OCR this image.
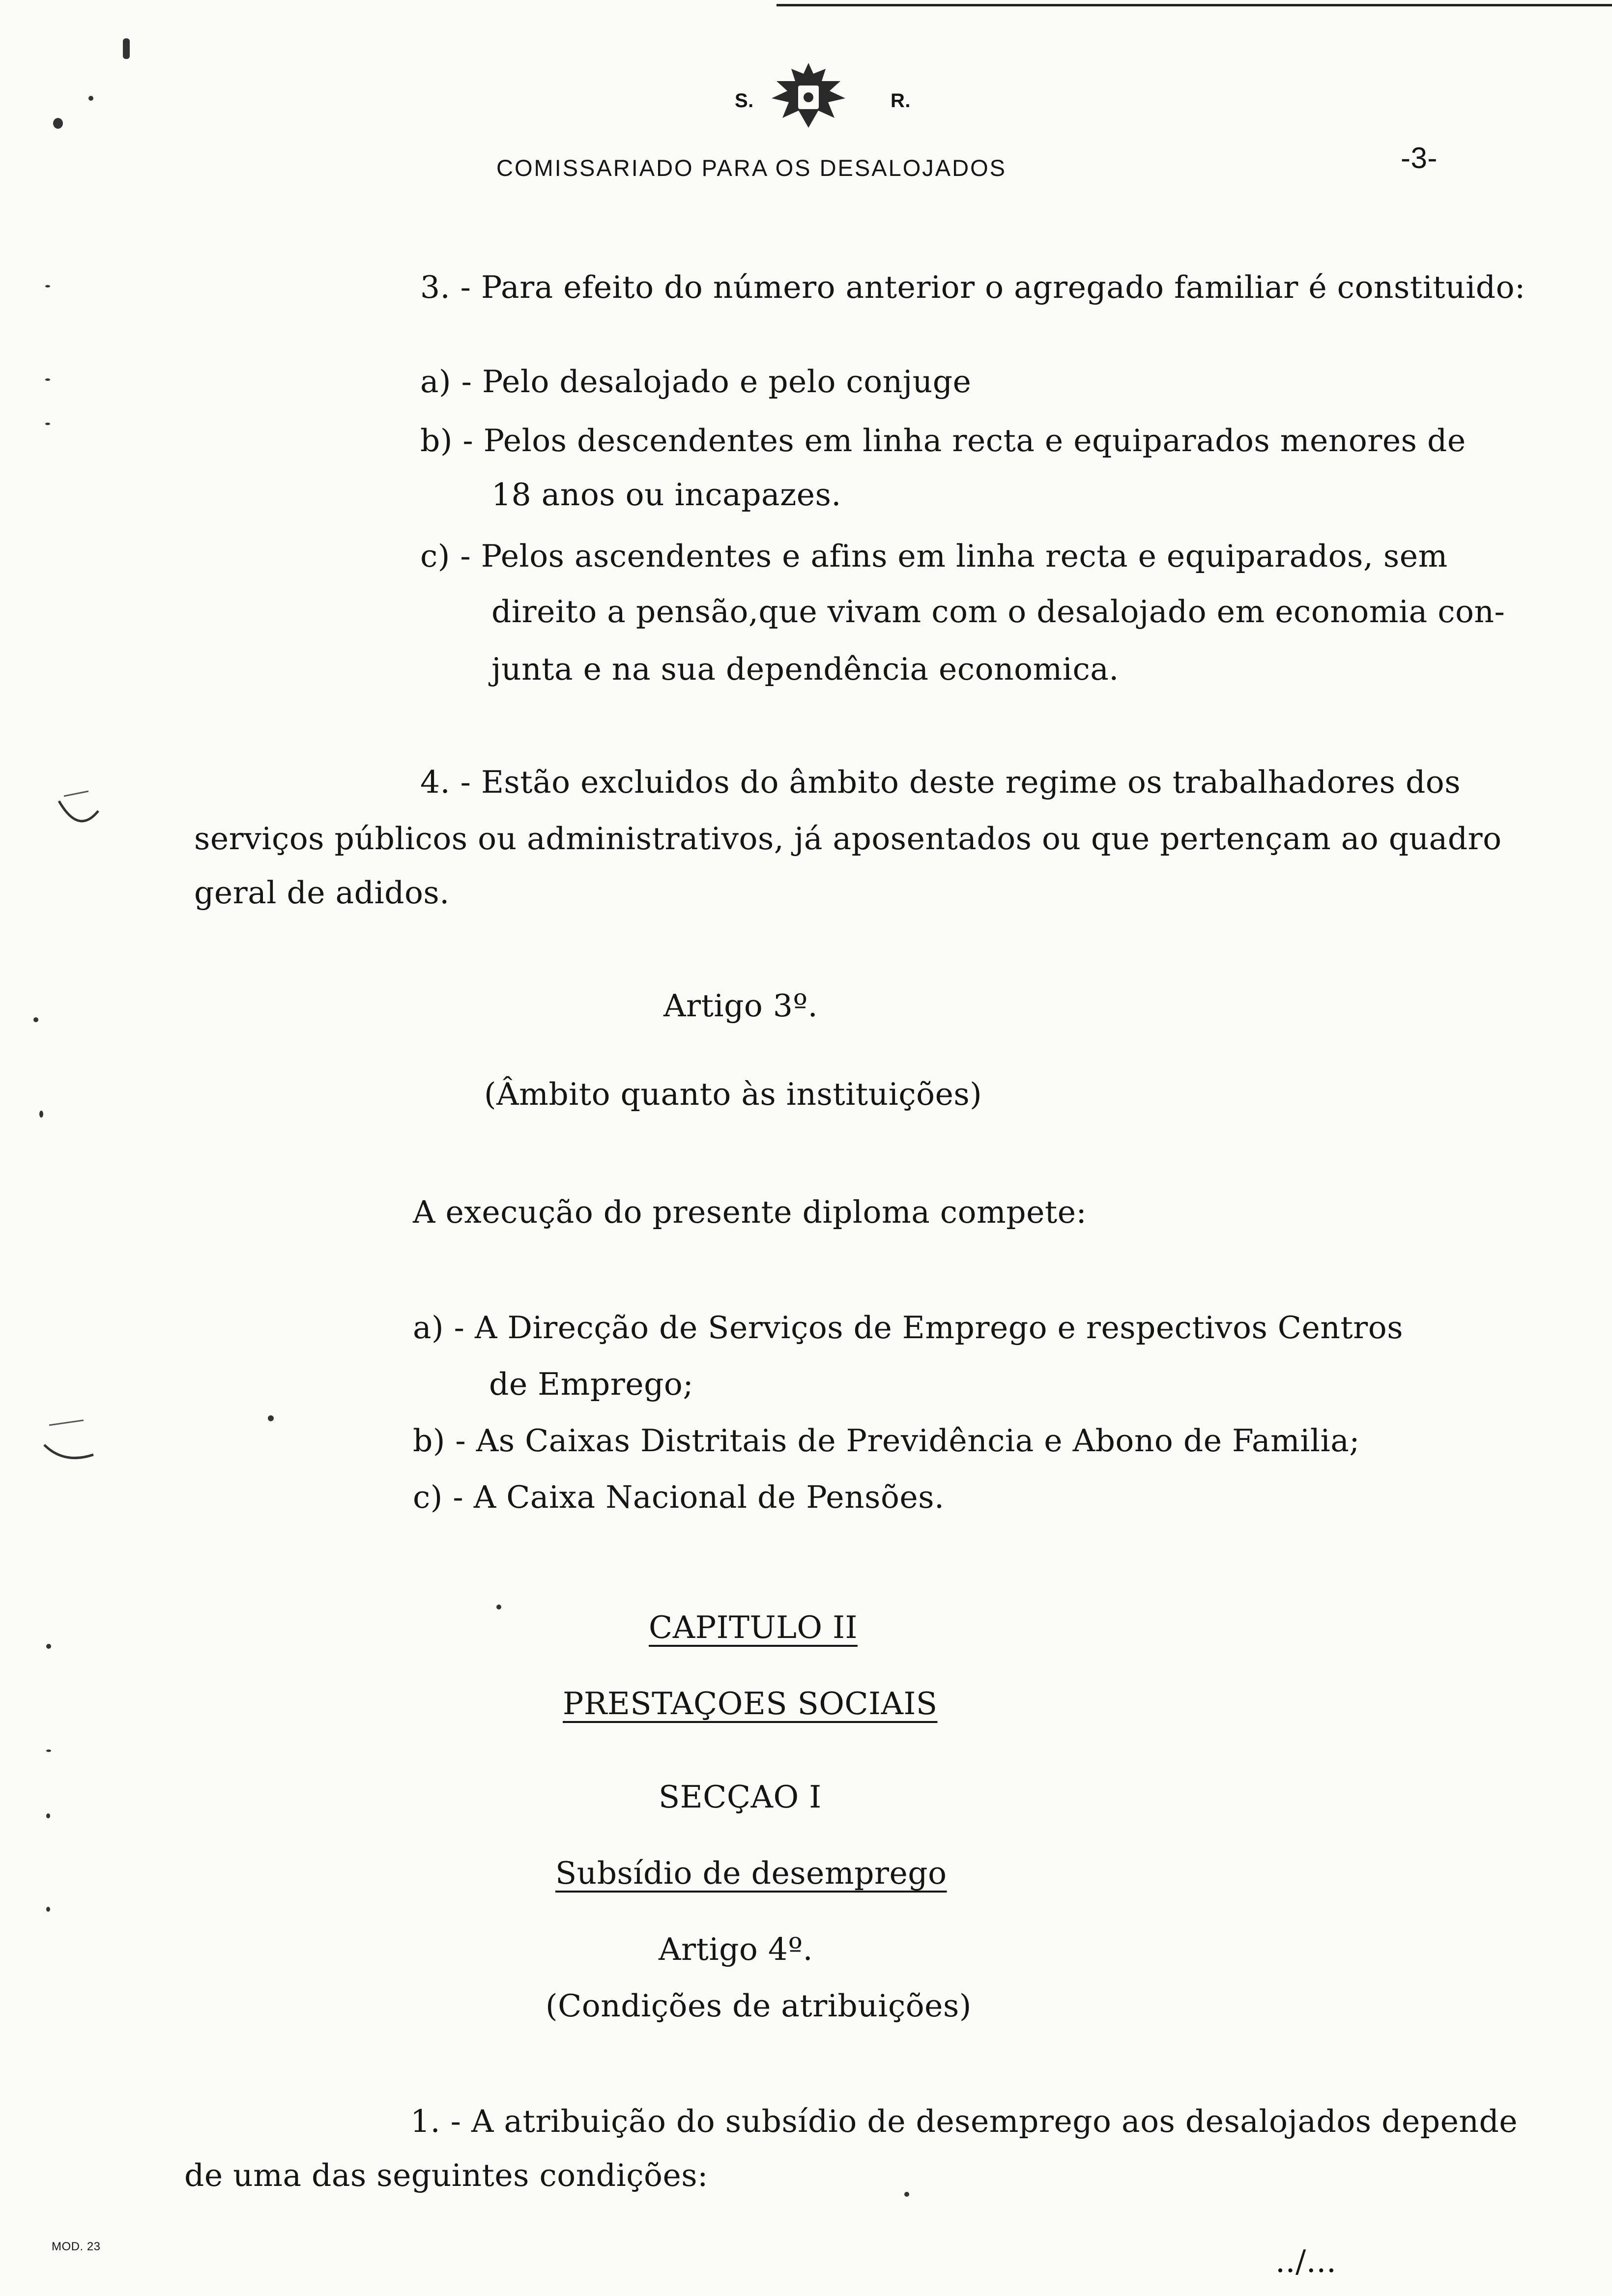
S.	R.
COMISSARIADO PARA OS DESALOJADOS	-3-
3. - Para efeito do número anterior o agregado familiar é constituido:
a) - Pelo desalojado e pelo conjuge
b) - Pelos descendentes em linha recta e equiparados menores de
18 anos ou incapazes.
c) - Pelos ascendentes e afins em linha recta e equiparados, sem
direito a pensão,que vivam com o desalojado em economia con-
junta e na sua dependência economica.
4. - Estão excluidos do âmbito deste regime os trabalhadores dos
serviços públicos ou administrativos, já aposentados ou que pertençam ao quadro
geral de adidos.
Artigo 3º.
(Âmbito quanto às instituições)
A execução do presente diploma compete:
a) - A Direcção de Serviços de Emprego e respectivos Centros
de Emprego;
b) - As Caixas Distritais de Previdência e Abono de Familia;
c) - A Caixa Nacional de Pensões.
CAPITULO II
PRESTAÇOES SOCIAIS
SECÇAO I
Subsídio de desemprego
Artigo 4º.
(Condições de atribuições)
1. - A atribuição do subsídio de desemprego aos desalojados depende
de uma das seguintes condições:
MOD. 23	../...
